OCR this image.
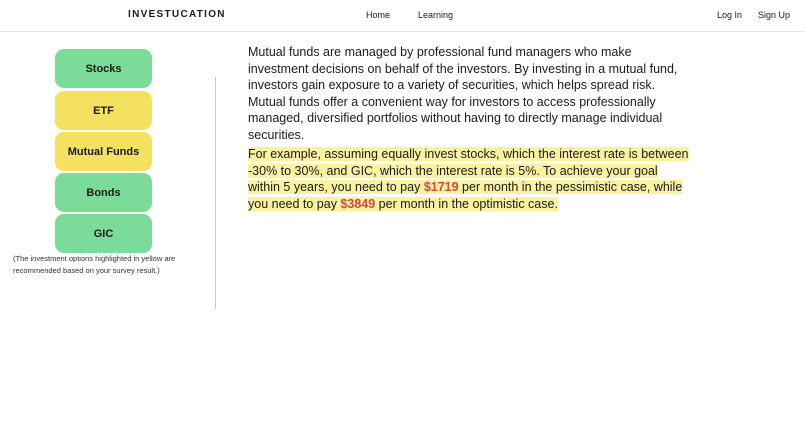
INVESTUCATION	Home	Learning	Log In Sign Up
Stocks
ETF
Mutual Funds
Bonds
GIC
(The investment options highlighted in yellow are recommended based on your survey result.)

Mutual funds are managed by professional fund managers who make investment decisions on behalf of the investors. By investing in a mutual fund, investors gain exposure to a variety of securities, which helps spread risk. Mutual funds offer a convenient way for investors to access professionally managed, diversified portfolios without having to directly manage individual securities.

For example, assuming equally invest stocks, which the interest rate is between -30% to 30%, and GIC, which the interest rate is 5%. To achieve your goal within 5 years, you need to pay $1719 per month in the pessimistic case, while you need to pay $3849 per month in the optimistic case.
